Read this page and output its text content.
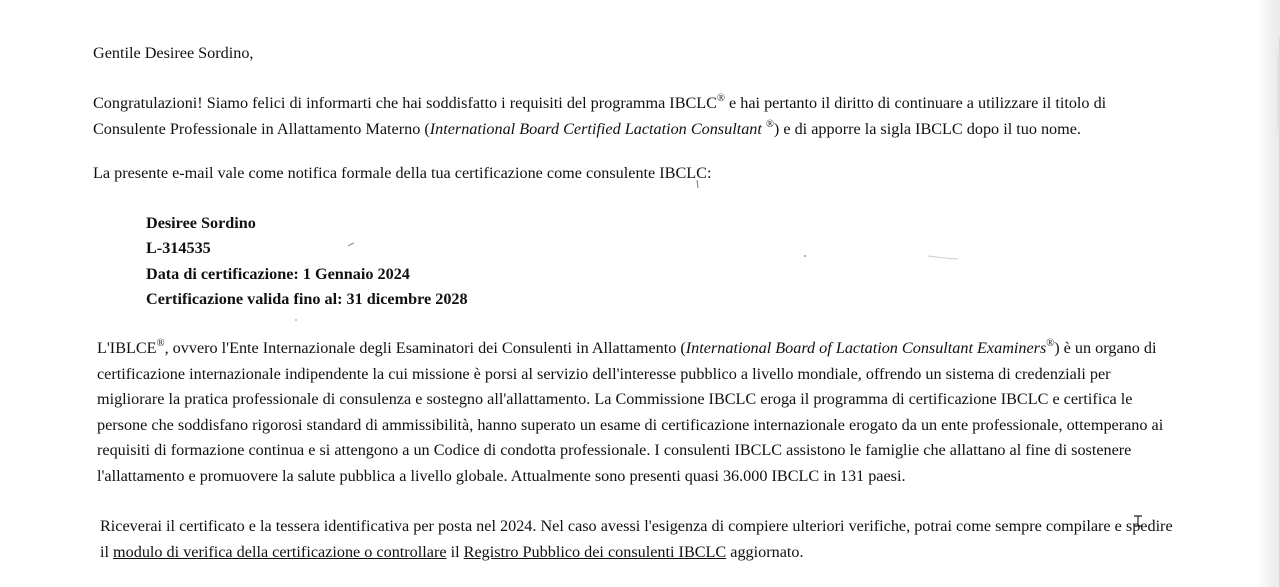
Gentile Desiree Sordino,
Congratulazioni! Siamo felici di informarti che hai soddisfatto i requisiti del programma IBCLC® e hai pertanto il diritto di continuare a utilizzare il titolo di
Consulente Professionale in Allattamento Materno (International Board Certified Lactation Consultant ®) e di apporre la sigla IBCLC dopo il tuo nome.
La presente e-mail vale come notifica formale della tua certificazione come consulente IBCLC:
Desiree Sordino
L-314535
Data di certificazione: 1 Gennaio 2024
Certificazione valida fino al: 31 dicembre 2028
L'IBLCE®, ovvero l'Ente Internazionale degli Esaminatori dei Consulenti in Allattamento (International Board of Lactation Consultant Examiners®) è un organo di
certificazione internazionale indipendente la cui missione è porsi al servizio dell'interesse pubblico a livello mondiale, offrendo un sistema di credenziali per
migliorare la pratica professionale di consulenza e sostegno all'allattamento. La Commissione IBCLC eroga il programma di certificazione IBCLC e certifica le
persone che soddisfano rigorosi standard di ammissibilità, hanno superato un esame di certificazione internazionale erogato da un ente professionale, ottemperano ai
requisiti di formazione continua e si attengono a un Codice di condotta professionale. I consulenti IBCLC assistono le famiglie che allattano al fine di sostenere
l'allattamento e promuovere la salute pubblica a livello globale. Attualmente sono presenti quasi 36.000 IBCLC in 131 paesi.
Riceverai il certificato e la tessera identificativa per posta nel 2024. Nel caso avessi l'esigenza di compiere ulteriori verifiche, potrai come sempre compilare e spedire
il modulo di verifica della certificazione o controllare il Registro Pubblico dei consulenti IBCLC aggiornato.
